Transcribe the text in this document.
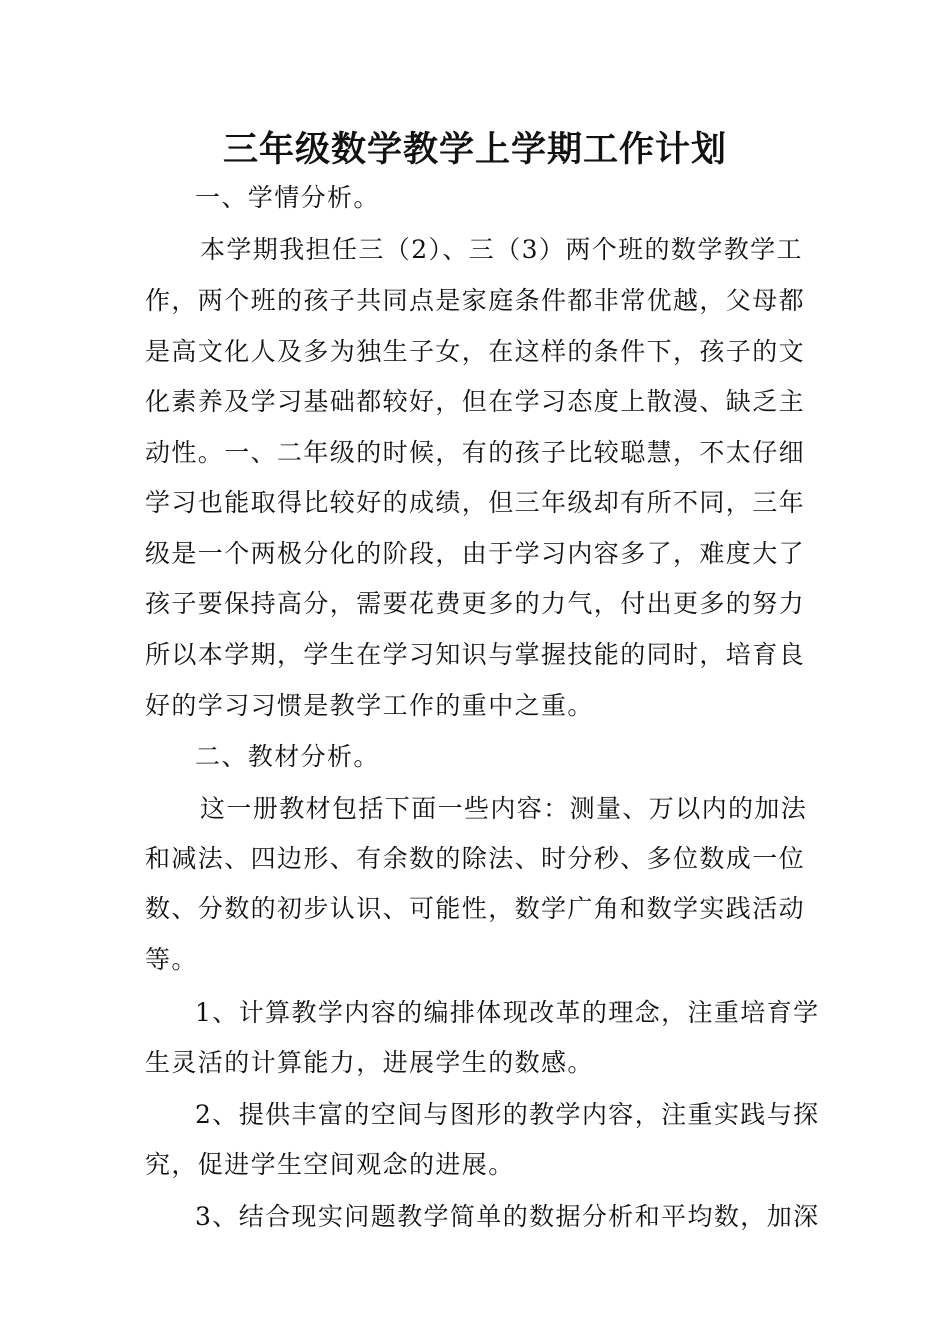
三年级数学教学上学期工作计划
一、学情分析。
本学期我担任三（2）、三（3）两个班的数学教学工
作，两个班的孩子共同点是家庭条件都非常优越，父母都
是高文化人及多为独生子女，在这样的条件下，孩子的文
化素养及学习基础都较好，但在学习态度上散漫、缺乏主
动性。一、二年级的时候，有的孩子比较聪慧，不太仔细
学习也能取得比较好的成绩，但三年级却有所不同，三年
级是一个两极分化的阶段，由于学习内容多了，难度大了
孩子要保持高分，需要花费更多的力气，付出更多的努力
所以本学期，学生在学习知识与掌握技能的同时，培育良
好的学习习惯是教学工作的重中之重。
二、教材分析。
这一册教材包括下面一些内容：测量、万以内的加法
和减法、四边形、有余数的除法、时分秒、多位数成一位
数、分数的初步认识、可能性，数学广角和数学实践活动
等。
1、计算教学内容的编排体现改革的理念，注重培育学
生灵活的计算能力，进展学生的数感。
2、提供丰富的空间与图形的教学内容，注重实践与探
究，促进学生空间观念的进展。
3、结合现实问题教学简单的数据分析和平均数，加深
